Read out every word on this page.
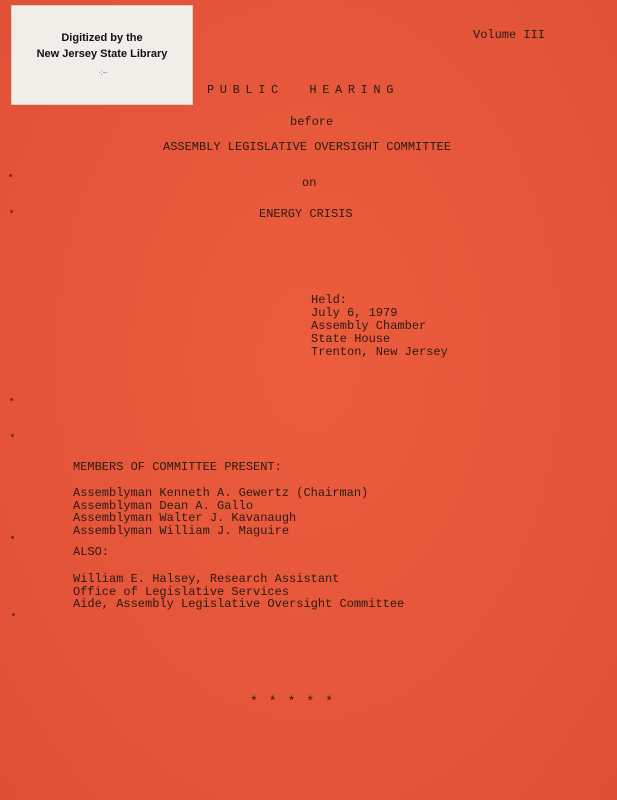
Digitized by the
New Jersey State Library
·:–
Volume III
PUBLIC  HEARING
before
ASSEMBLY LEGISLATIVE OVERSIGHT COMMITTEE
on
ENERGY CRISIS
Held:
July 6, 1979
Assembly Chamber
State House
Trenton, New Jersey
MEMBERS OF COMMITTEE PRESENT:
Assemblyman Kenneth A. Gewertz (Chairman)
Assemblyman Dean A. Gallo
Assemblyman Walter J. Kavanaugh
Assemblyman William J. Maguire
ALSO:
William E. Halsey, Research Assistant
Office of Legislative Services
Aide, Assembly Legislative Oversight Committee
*****
